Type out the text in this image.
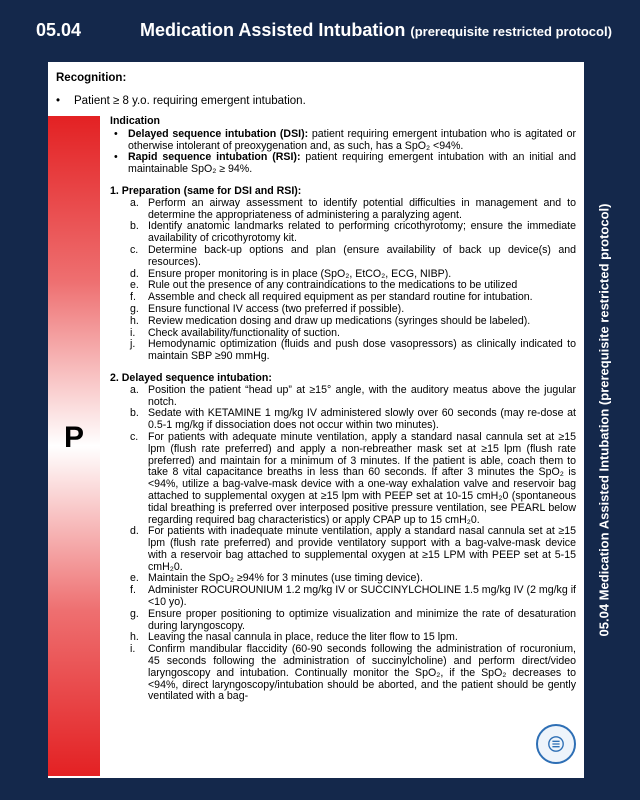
05.04	Medication Assisted Intubation (prerequisite restricted protocol)
05.04 Medication Assisted Intubation (prerequisite restricted protocol)
Recognition:
• Patient ≥ 8 y.o. requiring emergent intubation.
P
Indication
• Delayed sequence intubation (DSI): patient requiring emergent intubation who is agitated or otherwise intolerant of preoxygenation and, as such, has a SpO₂ <94%.
• Rapid sequence intubation (RSI): patient requiring emergent intubation with an initial and maintainable SpO₂ ≥ 94%.
1. Preparation (same for DSI and RSI):
a. Perform an airway assessment to identify potential difficulties in management and to determine the appropriateness of administering a paralyzing agent.
b. Identify anatomic landmarks related to performing cricothyrotomy; ensure the immediate availability of cricothyrotomy kit.
c. Determine back-up options and plan (ensure availability of back up device(s) and resources).
d. Ensure proper monitoring is in place (SpO₂, EtCO₂, ECG, NIBP).
e. Rule out the presence of any contraindications to the medications to be utilized
f. Assemble and check all required equipment as per standard routine for intubation.
g. Ensure functional IV access (two preferred if possible).
h. Review medication dosing and draw up medications (syringes should be labeled).
i. Check availability/functionality of suction.
j. Hemodynamic optimization (fluids and push dose vasopressors) as clinically indicated to maintain SBP ≥90 mmHg.
2. Delayed sequence intubation:
a. Position the patient “head up” at ≥15° angle, with the auditory meatus above the jugular notch.
b. Sedate with KETAMINE 1 mg/kg IV administered slowly over 60 seconds (may re-dose at 0.5-1 mg/kg if dissociation does not occur within two minutes).
c. For patients with adequate minute ventilation, apply a standard nasal cannula set at ≥15 lpm (flush rate preferred) and apply a non-rebreather mask set at ≥15 lpm (flush rate preferred) and maintain for a minimum of 3 minutes. If the patient is able, coach them to take 8 vital capacitance breaths in less than 60 seconds. If after 3 minutes the SpO₂ is <94%, utilize a bag-valve-mask device with a one-way exhalation valve and reservoir bag attached to supplemental oxygen at ≥15 lpm with PEEP set at 10-15 cmH₂0 (spontaneous tidal breathing is preferred over interposed positive pressure ventilation, see PEARL below regarding required bag characteristics) or apply CPAP up to 15 cmH₂0.
d. For patients with inadequate minute ventilation, apply a standard nasal cannula set at ≥15 lpm (flush rate preferred) and provide ventilatory support with a bag-valve-mask device with a reservoir bag attached to supplemental oxygen at ≥15 LPM with PEEP set at 5-15 cmH₂0.
e. Maintain the SpO₂ ≥94% for 3 minutes (use timing device).
f. Administer ROCUROUNIUM 1.2 mg/kg IV or SUCCINYLCHOLINE 1.5 mg/kg IV (2 mg/kg if <10 yo).
g. Ensure proper positioning to optimize visualization and minimize the rate of desaturation during laryngoscopy.
h. Leaving the nasal cannula in place, reduce the liter flow to 15 lpm.
i. Confirm mandibular flaccidity (60-90 seconds following the administration of rocuronium, 45 seconds following the administration of succinylcholine) and perform direct/video laryngoscopy and intubation. Continually monitor the SpO₂, if the SpO₂ decreases to <94%, direct laryngoscopy/intubation should be aborted, and the patient should be gently ventilated with a bag-
